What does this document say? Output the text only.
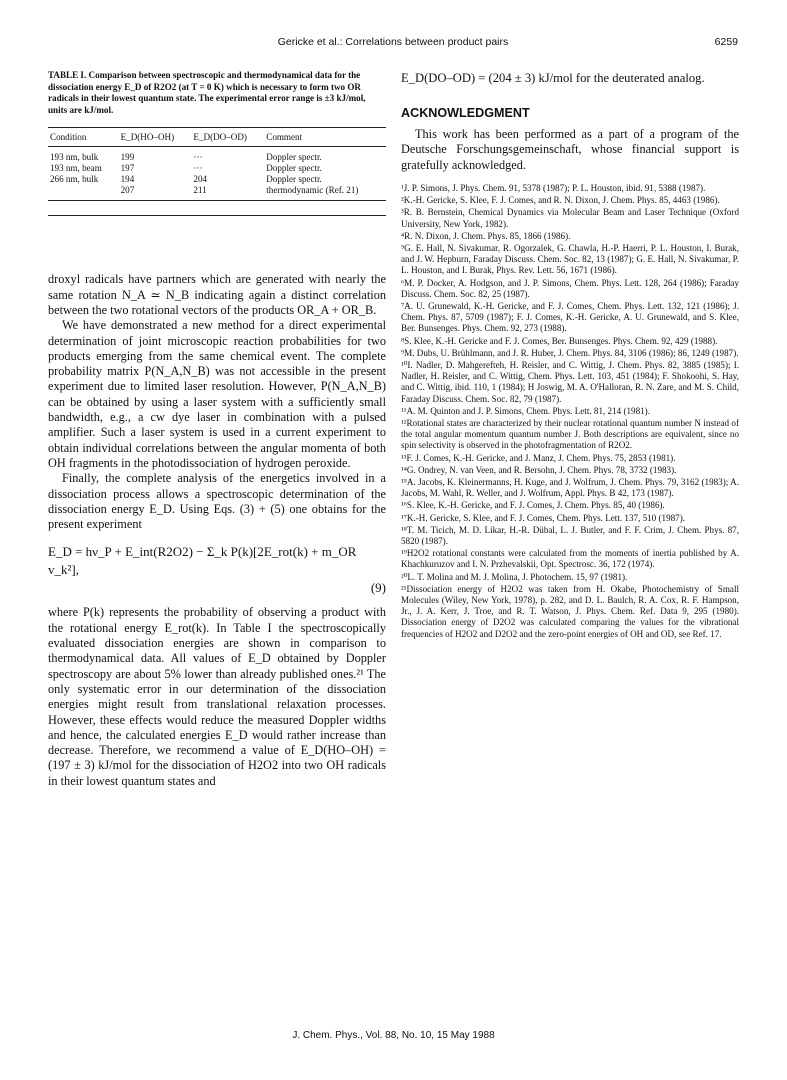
Gericke et al.: Correlations between product pairs	6259

TABLE I. Comparison between spectroscopic and thermodynamical data for the dissociation energy E_D of R2O2 (at T = 0 K) which is necessary to form two OR radicals in their lowest quantum state. The experimental error range is ±3 kJ/mol, units are kJ/mol.

Condition	E_D(HO–OH)	E_D(DO–OD)	Comment
193 nm, bulk	199	···	Doppler spectr.
193 nm, beam	197	···	Doppler spectr.
266 nm, bulk	194	204	Doppler spectr.
	207	211	thermodynamic (Ref. 21)

droxyl radicals have partners which are generated with nearly the same rotation N_A ≃ N_B indicating again a distinct correlation between the two rotational vectors of the products OR_A + OR_B.

We have demonstrated a new method for a direct experimental determination of joint microscopic reaction probabilities for two products emerging from the same chemical event. The complete probability matrix P(N_A,N_B) was not accessible in the present experiment due to limited laser resolution. However, P(N_A,N_B) can be obtained by using a laser system with a sufficiently small bandwidth, e.g., a cw dye laser in combination with a pulsed amplifier. Such a laser system is used in a current experiment to obtain individual correlations between the angular momenta of both OH fragments in the photodissociation of hydrogen peroxide.

Finally, the complete analysis of the energetics involved in a dissociation process allows a spectroscopic determination of the dissociation energy E_D. Using Eqs. (3) + (5) one obtains for the present experiment

E_D = hν_P + E_int(R2O2) − Σ_k P(k)[2E_rot(k) + m_OR v_k²],
(9)

where P(k) represents the probability of observing a product with the rotational energy E_rot(k). In Table I the spectroscopically evaluated dissociation energies are shown in comparison to thermodynamical data. All values of E_D obtained by Doppler spectroscopy are about 5% lower than already published ones.²¹ The only systematic error in our determination of the dissociation energies might result from translational relaxation processes. However, these effects would reduce the measured Doppler widths and hence, the calculated energies E_D would rather increase than decrease. Therefore, we recommend a value of E_D(HO–OH) = (197 ± 3) kJ/mol for the dissociation of H2O2 into two OH radicals in their lowest quantum states and

E_D(DO–OD) = (204 ± 3) kJ/mol for the deuterated analog.

ACKNOWLEDGMENT

This work has been performed as a part of a program of the Deutsche Forschungsgemeinschaft, whose financial support is gratefully acknowledged.

¹J. P. Simons, J. Phys. Chem. 91, 5378 (1987); P. L. Houston, ibid. 91, 5388 (1987).
²K.-H. Gericke, S. Klee, F. J. Comes, and R. N. Dixon, J. Chem. Phys. 85, 4463 (1986).
³R. B. Bernstein, Chemical Dynamics via Molecular Beam and Laser Technique (Oxford University, New York, 1982).
⁴R. N. Dixon, J. Chem. Phys. 85, 1866 (1986).
⁵G. E. Hall, N. Sivakumar, R. Ogorzalek, G. Chawla, H.-P. Haerri, P. L. Houston, I. Burak, and J. W. Hepburn, Faraday Discuss. Chem. Soc. 82, 13 (1987); G. E. Hall, N. Sivakumar, P. L. Houston, and I. Burak, Phys. Rev. Lett. 56, 1671 (1986).
⁶M. P. Docker, A. Hodgson, and J. P. Simons, Chem. Phys. Lett. 128, 264 (1986); Faraday Discuss. Chem. Soc. 82, 25 (1987).
⁷A. U. Grunewald, K.-H. Gericke, and F. J. Comes, Chem. Phys. Lett. 132, 121 (1986); J. Chem. Phys. 87, 5709 (1987); F. J. Comes, K.-H. Gericke, A. U. Grunewald, and S. Klee, Ber. Bunsenges. Phys. Chem. 92, 273 (1988).
⁸S. Klee, K.-H. Gericke and F. J. Comes, Ber. Bunsenges. Phys. Chem. 92, 429 (1988).
⁹M. Dubs, U. Brühlmann, and J. R. Huber, J. Chem. Phys. 84, 3106 (1986); 86, 1249 (1987).
¹⁰I. Nadler, D. Mahgerefteh, H. Reisler, and C. Wittig, J. Chem. Phys. 82, 3885 (1985); I. Nadler, H. Reisler, and C. Wittig, Chem. Phys. Lett. 103, 451 (1984); F. Shokoohi, S. Hay, and C. Wittig, ibid. 110, 1 (1984); H Joswig, M. A. O'Halloran, R. N. Zare, and M. S. Child, Faraday Discuss. Chem. Soc. 82, 79 (1987).
¹¹A. M. Quinton and J. P. Simons, Chem. Phys. Lett. 81, 214 (1981).
¹²Rotational states are characterized by their nuclear rotational quantum number N instead of the total angular momentum quantum number J. Both descriptions are equivalent, since no spin selectivity is observed in the photofragmentation of R2O2.
¹³F. J. Comes, K.-H. Gericke, and J. Manz, J. Chem. Phys. 75, 2853 (1981).
¹⁴G. Ondrey, N. van Veen, and R. Bersohn, J. Chem. Phys. 78, 3732 (1983).
¹⁵A. Jacobs, K. Kleinermanns, H. Kuge, and J. Wolfrum, J. Chem. Phys. 79, 3162 (1983); A. Jacobs, M. Wahl, R. Weller, and J. Wolfrum, Appl. Phys. B 42, 173 (1987).
¹⁶S. Klee, K.-H. Gericke, and F. J. Comes, J. Chem. Phys. 85, 40 (1986).
¹⁷K.-H. Gericke, S. Klee, and F. J. Comes, Chem. Phys. Lett. 137, 510 (1987).
¹⁸T. M. Ticich, M. D. Likar, H.-R. Dübal, L. J. Butler, and F. F. Crim, J. Chem. Phys. 87, 5820 (1987).
¹⁹H2O2 rotational constants were calculated from the moments of inertia published by A. Khachkuruzov and I. N. Przhevalskii, Opt. Spectrosc. 36, 172 (1974).
²⁰L. T. Molina and M. J. Molina, J. Photochem. 15, 97 (1981).
²¹Dissociation energy of H2O2 was taken from H. Okabe, Photochemistry of Small Molecules (Wiley, New York, 1978), p. 282, and D. L. Baulch, R. A. Cox, R. F. Hampson, Jr., J. A. Kerr, J. Troe, and R. T. Watson, J. Phys. Chem. Ref. Data 9, 295 (1980). Dissociation energy of D2O2 was calculated comparing the values for the vibrational frequencies of H2O2 and D2O2 and the zero-point energies of OH and OD, see Ref. 17.
J. Chem. Phys., Vol. 88, No. 10, 15 May 1988
